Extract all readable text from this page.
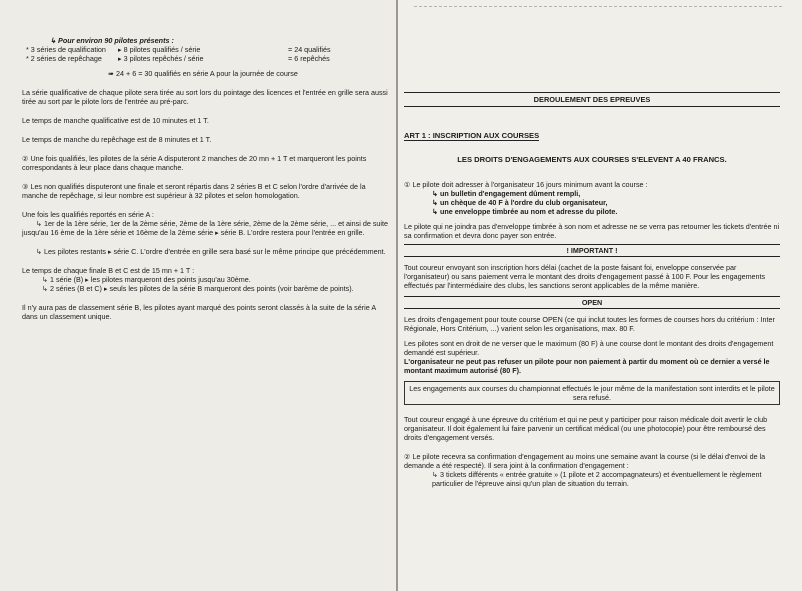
↳ Pour environ 90 pilotes présents :

* 3 séries de qualification	▸ 8 pilotes qualifiés / série	= 24 qualifiés
* 2 séries de repêchage	▸ 3 pilotes repêchés / série	= 6 repêchés

➠ 24 + 6 = 30 qualifiés en série A pour la journée de course

La série qualificative de chaque pilote sera tirée au sort lors du pointage des licences et l'entrée en grille sera aussi tirée au sort par le pilote lors de l'entrée au pré-parc.

Le temps de manche qualificative est de 10 minutes et 1 T.

Le temps de manche du repêchage est de 8 minutes et 1 T.

② Une fois qualifiés, les pilotes de la série A disputeront 2 manches de 20 mn + 1 T et marqueront les points correspondants à leur place dans chaque manche.

③ Les non qualifiés disputeront une finale et seront répartis dans 2 séries B et C selon l'ordre d'arrivée de la manche de repêchage, si leur nombre est supérieur à 32 pilotes et selon homologation.

Une fois les qualifiés reportés en série A :

↳ 1er de la 1ère série, 1er de la 2ème série, 2ème de la 1ère série, 2ème de la 2ème série, ... et ainsi de suite jusqu'au 16 ème de la 1ère série et 16ème de la 2ème série ▸ série B. L'ordre restera pour l'entrée en grille.

↳ Les pilotes restants ▸ série C. L'ordre d'entrée en grille sera basé sur le même principe que précédemment.

Le temps de chaque finale B et C est de 15 mn + 1 T :

↳ 1 série (B) ▸ les pilotes marqueront des points jusqu'au 30ème.

↳ 2 séries (B et C) ▸ seuls les pilotes de la série B marqueront des points (voir barème de points).

Il n'y aura pas de classement série B, les pilotes ayant marqué des points seront classés à la suite de la série A dans un classement unique.

DEROULEMENT DES EPREUVES
ART 1 : INSCRIPTION AUX COURSES
LES DROITS D'ENGAGEMENTS AUX COURSES S'ELEVENT A 40 FRANCS.

① Le pilote doit adresser à l'organisateur 16 jours minimum avant la course :

↳ un bulletin d'engagement dûment rempli,

↳ un chèque de 40 F à l'ordre du club organisateur,

↳ une enveloppe timbrée au nom et adresse du pilote.

Le pilote qui ne joindra pas d'enveloppe timbrée à son nom et adresse ne se verra pas retourner les tickets d'entrée ni sa confirmation et devra donc payer son entrée.

! IMPORTANT !

Tout coureur envoyant son inscription hors délai (cachet de la poste faisant foi, enveloppe conservée par l'organisateur) ou sans paiement verra le montant des droits d'engagement passé à 100 F. Pour les engagements effectués par l'intermédiaire des clubs, les sanctions seront applicables de la même manière.

OPEN

Les droits d'engagement pour toute course OPEN (ce qui inclut toutes les formes de courses hors du critérium : Inter Régionale, Hors Critérium, ...) varient selon les organisations, max. 80 F.

Les pilotes sont en droit de ne verser que le maximum (80 F) à une course dont le montant des droits d'engagement demandé est supérieur.

L'organisateur ne peut pas refuser un pilote pour non paiement à partir du moment où ce dernier a versé le montant maximum autorisé (80 F).

Les engagements aux courses du championnat effectués le jour même de la manifestation sont interdits et le pilote sera refusé.

Tout coureur engagé à une épreuve du critérium et qui ne peut y participer pour raison médicale doit avertir le club organisateur. Il doit également lui faire parvenir un certificat médical (ou une photocopie) pour être remboursé des droits d'engagement versés.

② Le pilote recevra sa confirmation d'engagement au moins une semaine avant la course (si le délai d'envoi de la demande a été respecté). Il sera joint à la confirmation d'engagement :

↳ 3 tickets différents « entrée gratuite » (1 pilote et 2 accompagnateurs) et éventuellement le règlement particulier de l'épreuve ainsi qu'un plan de situation du terrain.
